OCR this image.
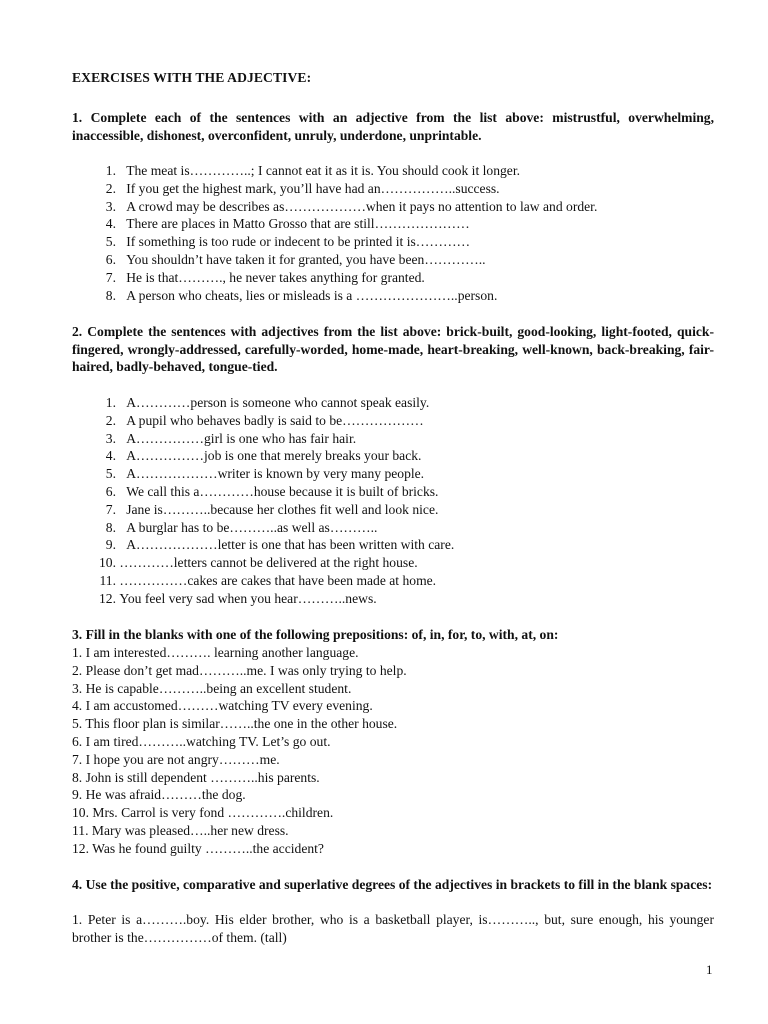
EXERCISES WITH THE ADJECTIVE:
1. Complete each of the sentences with an adjective from the list above: mistrustful, overwhelming, inaccessible, dishonest, overconfident, unruly, underdone, unprintable.
1. The meat is…………..; I cannot eat it as it is. You should cook it longer.
2. If you get the highest mark, you’ll have had an……………..success.
3. A crowd may be describes as………………when it pays no attention to law and order.
4. There are places in Matto Grosso that are still…………………
5. If something is too rude or indecent to be printed it is…………
6. You shouldn’t have taken it for granted, you have been…………..
7. He is that………., he never takes anything for granted.
8. A person who cheats, lies or misleads is a …………………..person.
2. Complete the sentences with adjectives from the list above: brick-built, good-looking, light-footed, quick-fingered, wrongly-addressed, carefully-worded, home-made, heart-breaking, well-known, back-breaking, fair-haired, badly-behaved, tongue-tied.
1. A…………person is someone who cannot speak easily.
2. A pupil who behaves badly is said to be………………
3. A……………girl is one who has fair hair.
4. A……………job is one that merely breaks your back.
5. A………………writer is known by very many people.
6. We call this a…………house because it is built of bricks.
7. Jane is………..because her clothes fit well and look nice.
8. A burglar has to be………..as well as………..
9. A………………letter is one that has been written with care.
10. …………letters cannot be delivered at the right house.
11. ……………cakes are cakes that have been made at home.
12. You feel very sad when you hear………..news.
3. Fill in the blanks with one of the following prepositions: of, in, for, to, with, at, on:
1. I am interested………. learning another language.
2. Please don’t get mad………..me. I was only trying to help.
3. He is capable………..being an excellent student.
4. I am accustomed………watching TV every evening.
5. This floor plan is similar……..the one in the other house.
6. I am tired………..watching TV. Let’s go out.
7. I hope you are not angry………me.
8. John is still dependent ………..his parents.
9. He was afraid………the dog.
10. Mrs. Carrol is very fond ………….children.
11. Mary was pleased…..her new dress.
12. Was he found guilty ………..the accident?
4. Use the positive, comparative and superlative degrees of the adjectives in brackets to fill in the blank spaces:
1. Peter is a……….boy. His elder brother, who is a basketball player, is……….., but, sure enough, his younger brother is the……………of them. (tall)
1
